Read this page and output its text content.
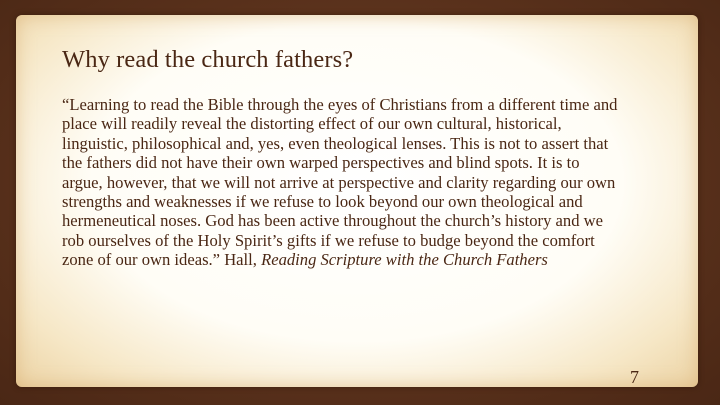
Why read the church fathers?

“Learning to read the Bible through the eyes of Christians from a different time and place will readily reveal the distorting effect of our own cultural, historical, linguistic, philosophical and, yes, even theological lenses. This is not to assert that the fathers did not have their own warped perspectives and blind spots. It is to argue, however, that we will not arrive at perspective and clarity regarding our own strengths and weaknesses if we refuse to look beyond our own theological and hermeneutical noses. God has been active throughout the church’s history and we rob ourselves of the Holy Spirit’s gifts if we refuse to budge beyond the comfort zone of our own ideas.” Hall, Reading Scripture with the Church Fathers

7
